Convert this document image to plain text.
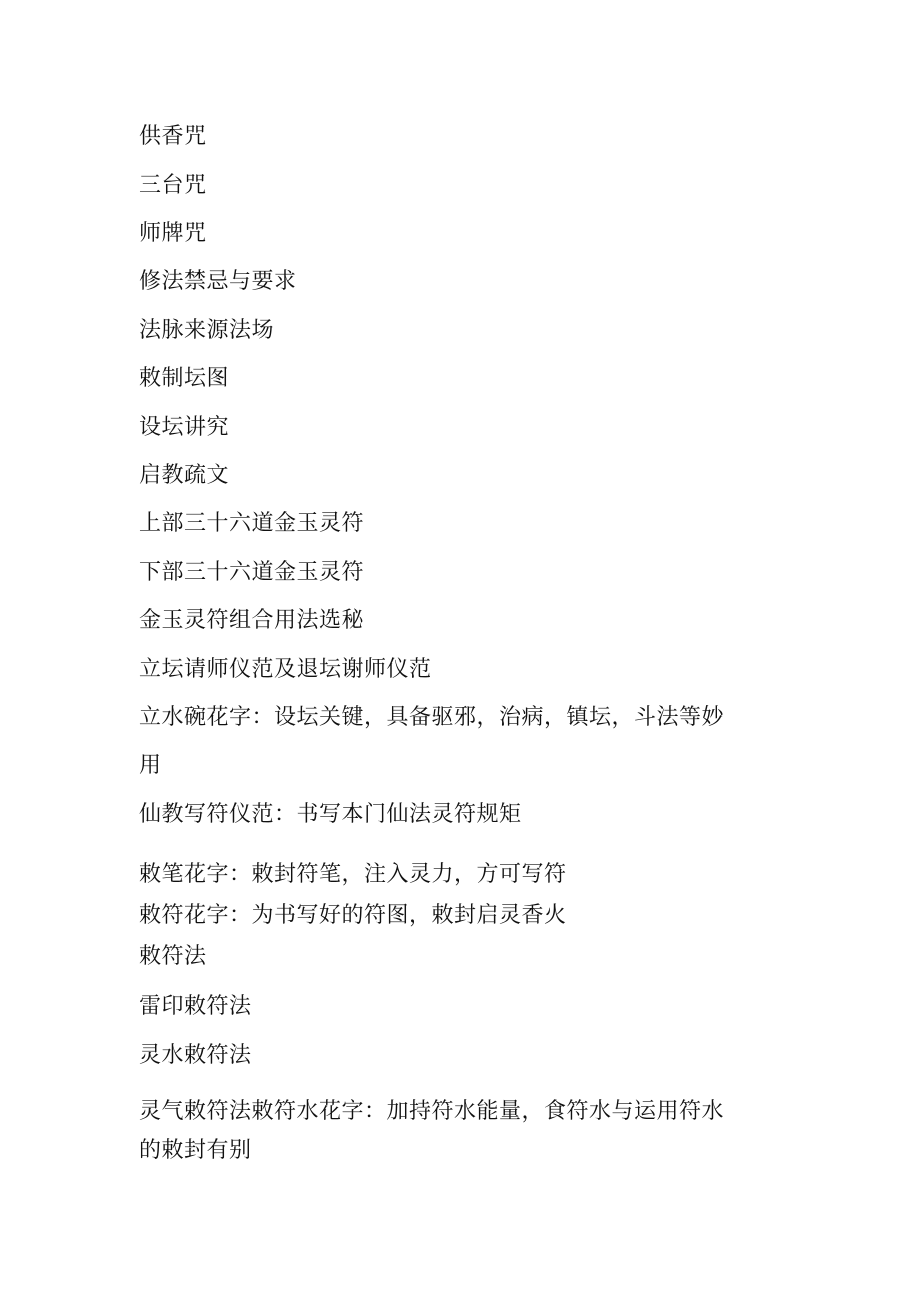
供香咒
三台咒
师牌咒
修法禁忌与要求
法脉来源法场
敕制坛图
设坛讲究
启教疏文
上部三十六道金玉灵符
下部三十六道金玉灵符
金玉灵符组合用法选秘
立坛请师仪范及退坛谢师仪范
立水碗花字：设坛关键，具备驱邪，治病，镇坛，斗法等妙
用
仙教写符仪范：书写本门仙法灵符规矩
敕笔花字：敕封符笔，注入灵力，方可写符
敕符花字：为书写好的符图，敕封启灵香火
敕符法
雷印敕符法
灵水敕符法
灵气敕符法敕符水花字：加持符水能量，食符水与运用符水
的敕封有别
